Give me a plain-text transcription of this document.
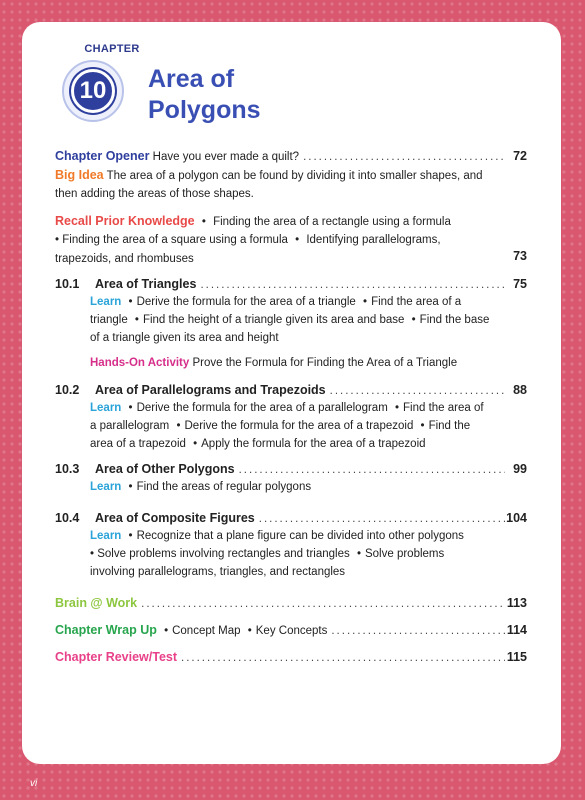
CHAPTER
10	Area of
Polygons
Chapter Opener Have you ever made a quilt? .....	72
Big Idea The area of a polygon can be found by dividing it into smaller shapes, and
then adding the areas of those shapes.
Recall Prior Knowledge • Finding the area of a rectangle using a formula
• Finding the area of a square using a formula • Identifying parallelograms,
trapezoids, and rhombuses	73
10.1 Area of Triangles .....	75
Learn • Derive the formula for the area of a triangle • Find the area of a
triangle • Find the height of a triangle given its area and base • Find the base
of a triangle given its area and height
Hands-On Activity Prove the Formula for Finding the Area of a Triangle
10.2 Area of Parallelograms and Trapezoids .....	88
Learn • Derive the formula for the area of a parallelogram • Find the area of
a parallelogram • Derive the formula for the area of a trapezoid • Find the
area of a trapezoid • Apply the formula for the area of a trapezoid
10.3 Area of Other Polygons .....	99
Learn • Find the areas of regular polygons
10.4 Area of Composite Figures .....	104
Learn • Recognize that a plane figure can be divided into other polygons
• Solve problems involving rectangles and triangles • Solve problems
involving parallelograms, triangles, and rectangles
Brain @ Work .....	113
Chapter Wrap Up • Concept Map • Key Concepts .....	114
Chapter Review/Test .....	115
vi
